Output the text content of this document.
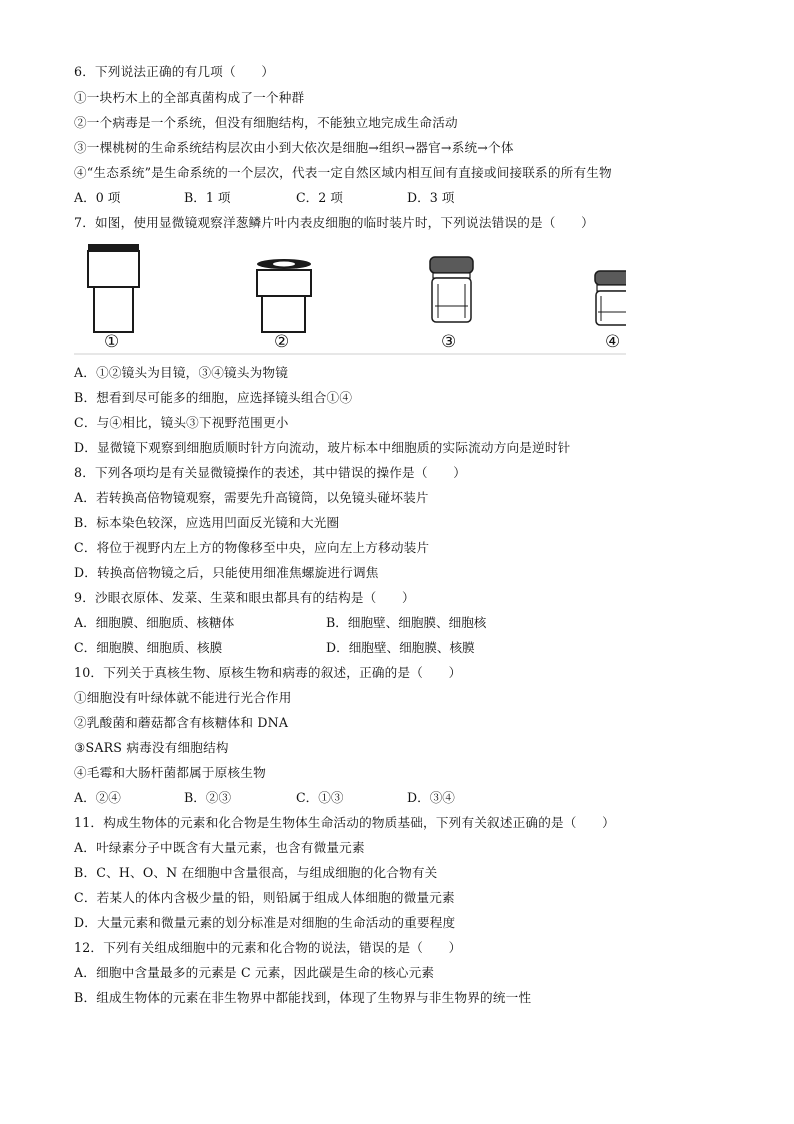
6．下列说法正确的有几项（　　）
①一块朽木上的全部真菌构成了一个种群
②一个病毒是一个系统，但没有细胞结构，不能独立地完成生命活动
③一棵桃树的生命系统结构层次由小到大依次是细胞→组织→器官→系统→个体
④“生态系统”是生命系统的一个层次，代表一定自然区域内相互间有直接或间接联系的所有生物
A．0 项	B．1 项	C．2 项	D．3 项
7．如图，使用显微镜观察洋葱鳞片叶内表皮细胞的临时装片时，下列说法错误的是（　　）
①	②	③	④
A．①②镜头为目镜，③④镜头为物镜
B．想看到尽可能多的细胞，应选择镜头组合①④
C．与④相比，镜头③下视野范围更小
D．显微镜下观察到细胞质顺时针方向流动，玻片标本中细胞质的实际流动方向是逆时针
8．下列各项均是有关显微镜操作的表述，其中错误的操作是（　　）
A．若转换高倍物镜观察，需要先升高镜筒，以免镜头碰坏装片
B．标本染色较深，应选用凹面反光镜和大光圈
C．将位于视野内左上方的物像移至中央，应向左上方移动装片
D．转换高倍物镜之后，只能使用细准焦螺旋进行调焦
9．沙眼衣原体、发菜、生菜和眼虫都具有的结构是（　　）
A．细胞膜、细胞质、核糖体	B．细胞壁、细胞膜、细胞核
C．细胞膜、细胞质、核膜	D．细胞壁、细胞膜、核膜
10．下列关于真核生物、原核生物和病毒的叙述，正确的是（　　）
①细胞没有叶绿体就不能进行光合作用
②乳酸菌和蘑菇都含有核糖体和 DNA
③SARS 病毒没有细胞结构
④毛霉和大肠杆菌都属于原核生物
A．②④	B．②③	C．①③	D．③④
11．构成生物体的元素和化合物是生物体生命活动的物质基础，下列有关叙述正确的是（　　）
A．叶绿素分子中既含有大量元素，也含有微量元素
B．C、H、O、N 在细胞中含量很高，与组成细胞的化合物有关
C．若某人的体内含极少量的铅，则铅属于组成人体细胞的微量元素
D．大量元素和微量元素的划分标准是对细胞的生命活动的重要程度
12．下列有关组成细胞中的元素和化合物的说法，错误的是（　　）
A．细胞中含量最多的元素是 C 元素，因此碳是生命的核心元素
B．组成生物体的元素在非生物界中都能找到，体现了生物界与非生物界的统一性
